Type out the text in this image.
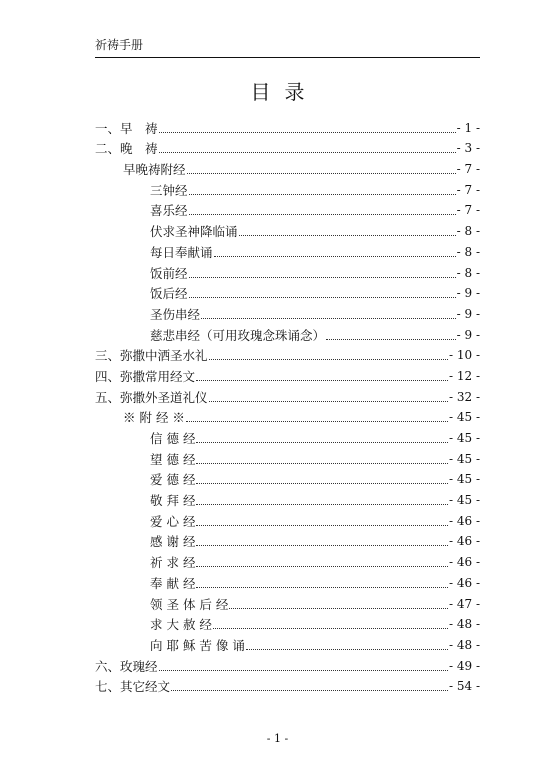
祈祷手册
目录
一、早　祷	- 1 -
二、晚　祷	- 3 -
早晚祷附经	- 7 -
三钟经	- 7 -
喜乐经	- 7 -
伏求圣神降临诵	- 8 -
每日奉献诵	- 8 -
饭前经	- 8 -
饭后经	- 9 -
圣伤串经	- 9 -
慈悲串经（可用玫瑰念珠诵念）	- 9 -
三、弥撒中洒圣水礼	- 10 -
四、弥撒常用经文	- 12 -
五、弥撒外圣道礼仪	- 32 -
※ 附 经 ※	- 45 -
信 德 经	- 45 -
望 德 经	- 45 -
爱 德 经	- 45 -
敬 拜 经	- 45 -
爱 心 经	- 46 -
感 谢 经	- 46 -
祈 求 经	- 46 -
奉 献 经	- 46 -
领 圣 体 后 经	- 47 -
求 大 赦 经	- 48 -
向 耶 稣 苦 像 诵	- 48 -
六、玫瑰经	- 49 -
七、其它经文	- 54 -
- 1 -
